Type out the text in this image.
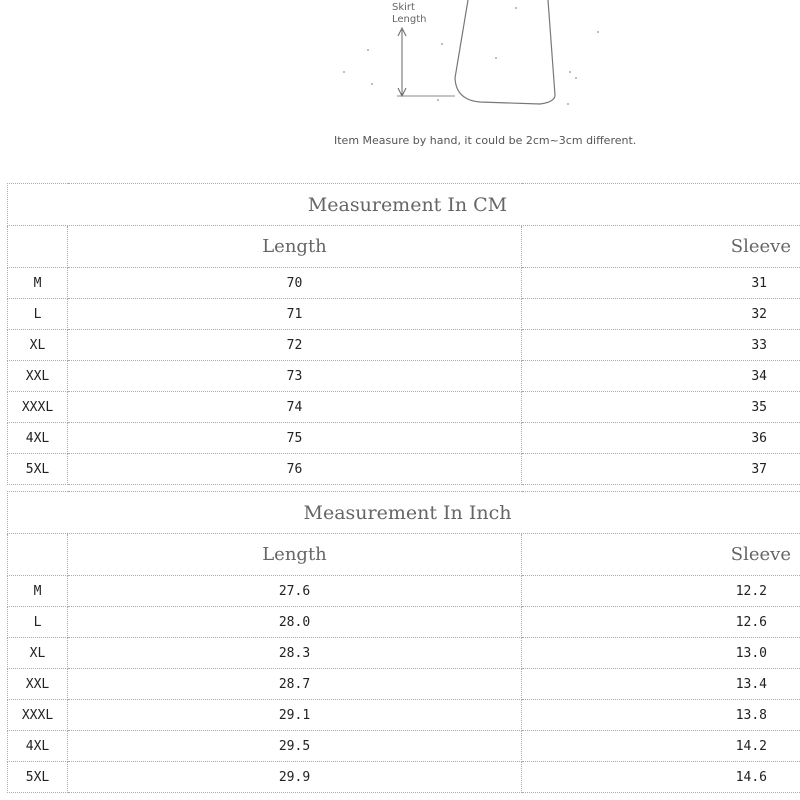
Skirt
Length
Item Measure by hand, it could be 2cm~3cm different.
Measurement In CM		
	Length	Sleeve
M	70	31
L	71	32
XL	72	33
XXL	73	34
XXXL	74	35
4XL	75	36
5XL	76	37
Measurement In Inch		
	Length	Sleeve
M	27.6	12.2
L	28.0	12.6
XL	28.3	13.0
XXL	28.7	13.4
XXXL	29.1	13.8
4XL	29.5	14.2
5XL	29.9	14.6
